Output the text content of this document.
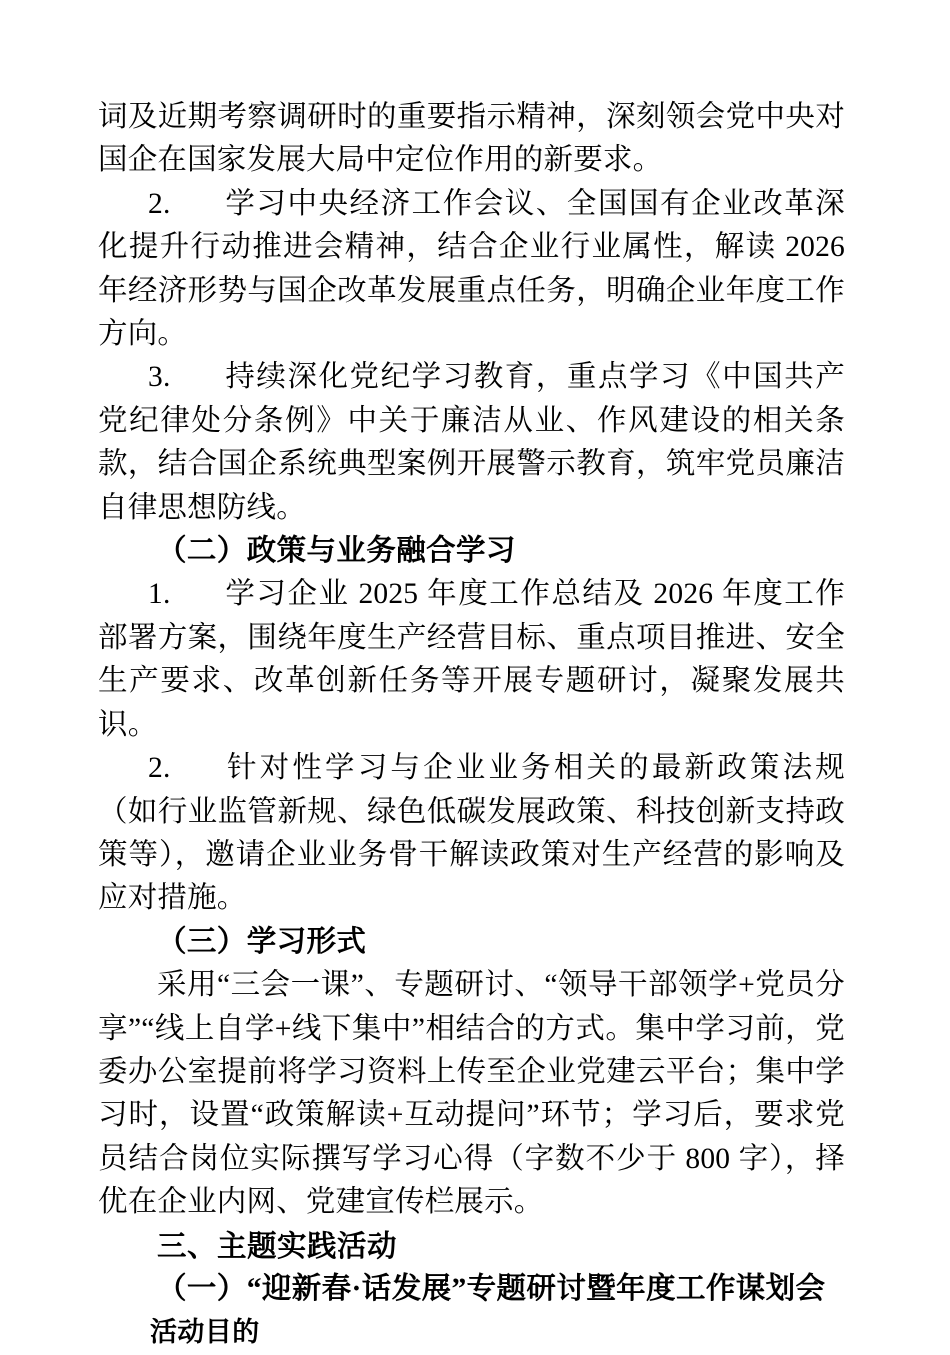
词及近期考察调研时的重要指示精神，深刻领会党中央对国企在国家发展大局中定位作用的新要求。

2. 学习中央经济工作会议、全国国有企业改革深化提升行动推进会精神，结合企业行业属性，解读 2026 年经济形势与国企改革发展重点任务，明确企业年度工作方向。

3. 持续深化党纪学习教育，重点学习《中国共产党纪律处分条例》中关于廉洁从业、作风建设的相关条款，结合国企系统典型案例开展警示教育，筑牢党员廉洁自律思想防线。

（二）政策与业务融合学习

1. 学习企业 2025 年度工作总结及 2026 年度工作部署方案，围绕年度生产经营目标、重点项目推进、安全生产要求、改革创新任务等开展专题研讨，凝聚发展共识。

2. 针对性学习与企业业务相关的最新政策法规（如行业监管新规、绿色低碳发展政策、科技创新支持政策等），邀请企业业务骨干解读政策对生产经营的影响及应对措施。

（三）学习形式

采用“三会一课”、专题研讨、“领导干部领学+党员分享”“线上自学+线下集中”相结合的方式。集中学习前，党委办公室提前将学习资料上传至企业党建云平台；集中学习时，设置“政策解读+互动提问”环节；学习后，要求党员结合岗位实际撰写学习心得（字数不少于 800 字），择优在企业内网、党建宣传栏展示。

三、主题实践活动

（一）“迎新春·话发展”专题研讨暨年度工作谋划会

活动目的
